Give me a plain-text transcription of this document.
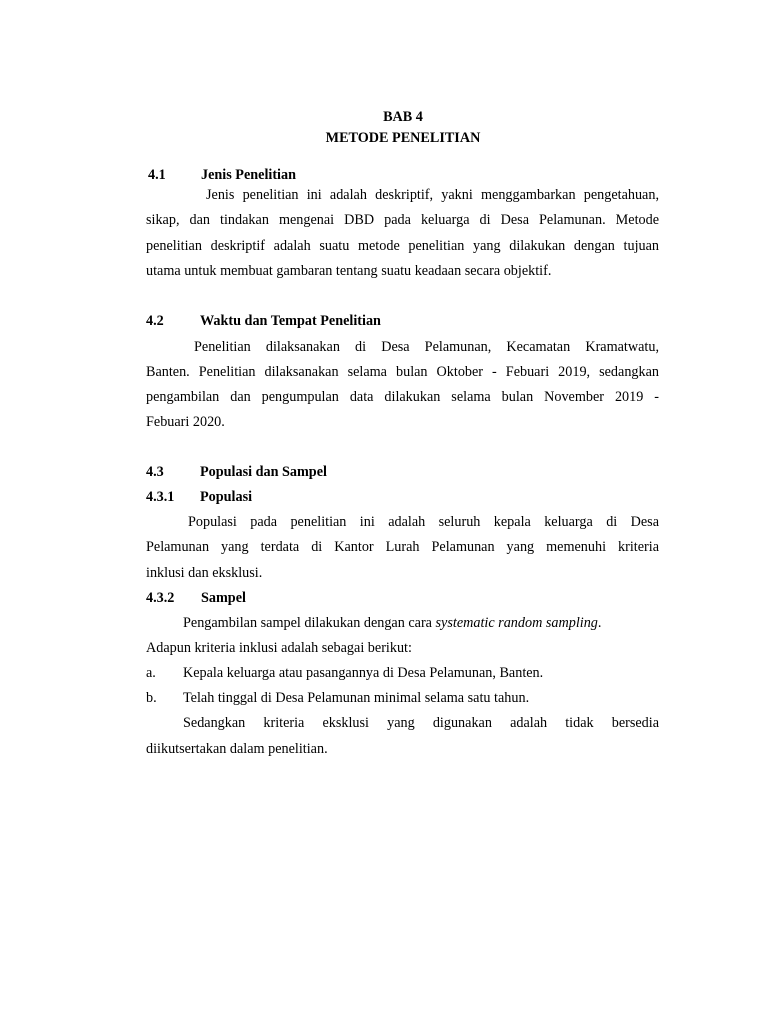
BAB 4
METODE PENELITIAN
4.1 Jenis Penelitian
Jenis penelitian ini adalah deskriptif, yakni menggambarkan pengetahuan,
sikap, dan tindakan mengenai DBD pada keluarga di Desa Pelamunan. Metode
penelitian deskriptif adalah suatu metode penelitian yang dilakukan dengan tujuan
utama untuk membuat gambaran tentang suatu keadaan secara objektif.
4.2	Waktu dan Tempat Penelitian
Penelitian dilaksanakan di Desa Pelamunan, Kecamatan Kramatwatu,
Banten. Penelitian dilaksanakan selama bulan Oktober - Febuari 2019, sedangkan
pengambilan dan pengumpulan data dilakukan selama bulan November 2019 -
Febuari 2020.
4.3	Populasi dan Sampel
4.3.1 Populasi
Populasi pada penelitian ini adalah seluruh kepala keluarga di Desa
Pelamunan yang terdata di Kantor Lurah Pelamunan yang memenuhi kriteria
inklusi dan eksklusi.
4.3.2 Sampel
Pengambilan sampel dilakukan dengan cara systematic random sampling.
Adapun kriteria inklusi adalah sebagai berikut:
a. Kepala keluarga atau pasangannya di Desa Pelamunan, Banten.
b. Telah tinggal di Desa Pelamunan minimal selama satu tahun.
Sedangkan kriteria eksklusi yang digunakan adalah tidak bersedia
diikutsertakan dalam penelitian.
